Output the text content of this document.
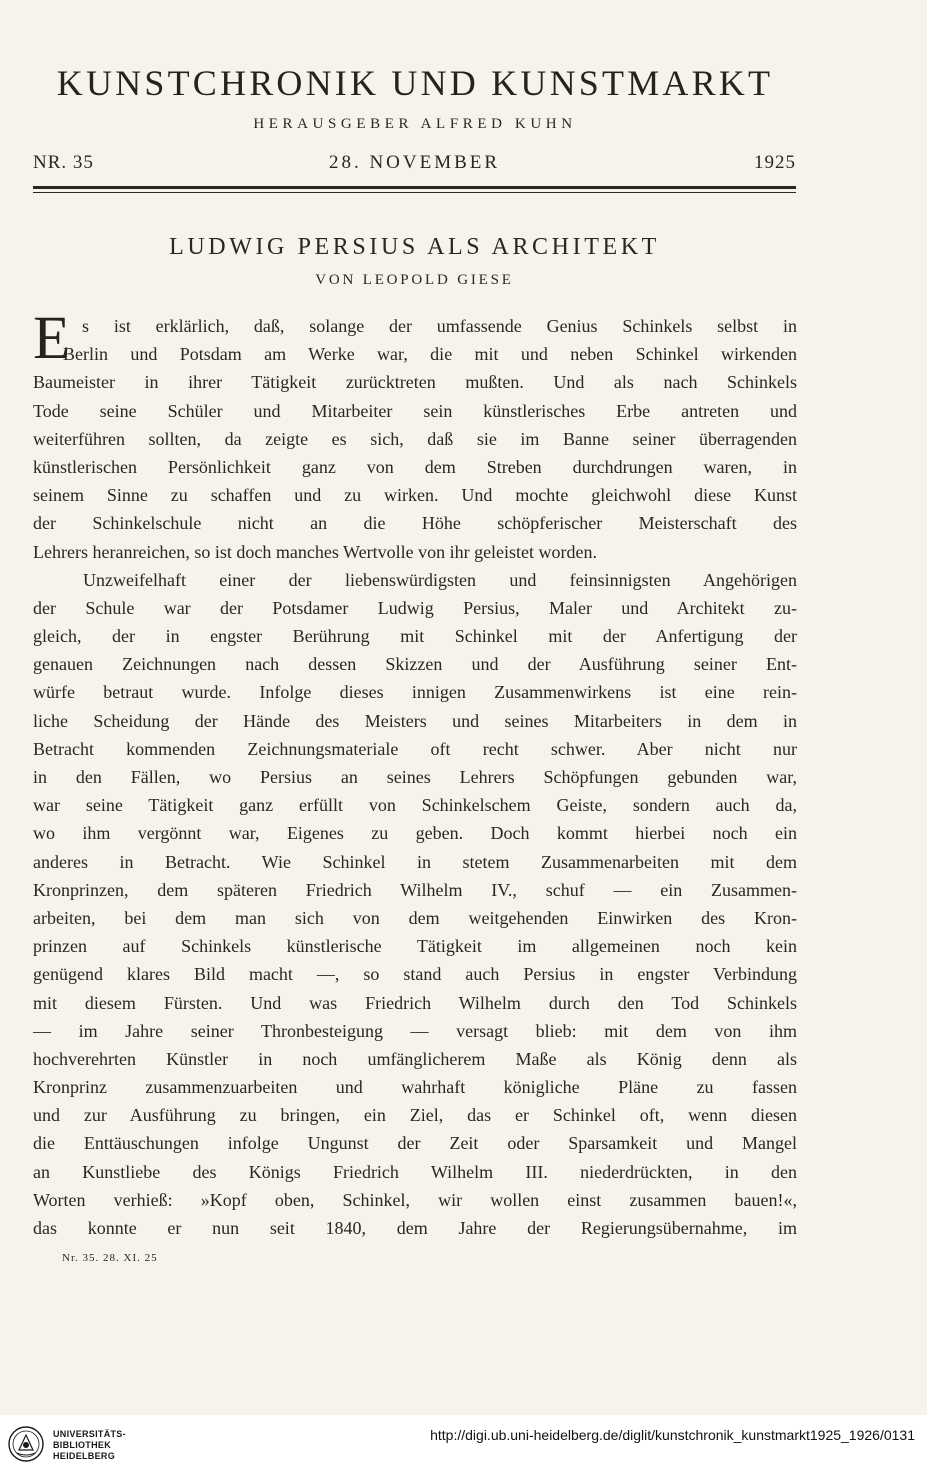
KUNSTCHRONIK UND KUNSTMARKT
HERAUSGEBER ALFRED KUHN
NR. 35	28. NOVEMBER	1925
LUDWIG PERSIUS ALS ARCHITEKT
VON LEOPOLD GIESE
E s ist erklärlich, daß, solange der umfassende Genius Schinkels selbst in
Berlin und Potsdam am Werke war, die mit und neben Schinkel wirkenden
Baumeister in ihrer Tätigkeit zurücktreten mußten. Und als nach Schinkels
Tode seine Schüler und Mitarbeiter sein künstlerisches Erbe antreten und
weiterführen sollten, da zeigte es sich, daß sie im Banne seiner überragenden
künstlerischen Persönlichkeit ganz von dem Streben durchdrungen waren, in
seinem Sinne zu schaffen und zu wirken. Und mochte gleichwohl diese Kunst
der Schinkelschule nicht an die Höhe schöpferischer Meisterschaft des
Lehrers heranreichen, so ist doch manches Wertvolle von ihr geleistet worden.
Unzweifelhaft einer der liebenswürdigsten und feinsinnigsten Angehörigen
der Schule war der Potsdamer Ludwig Persius, Maler und Architekt zu-
gleich, der in engster Berührung mit Schinkel mit der Anfertigung der
genauen Zeichnungen nach dessen Skizzen und der Ausführung seiner Ent-
würfe betraut wurde. Infolge dieses innigen Zusammenwirkens ist eine rein-
liche Scheidung der Hände des Meisters und seines Mitarbeiters in dem in
Betracht kommenden Zeichnungsmateriale oft recht schwer. Aber nicht nur
in den Fällen, wo Persius an seines Lehrers Schöpfungen gebunden war,
war seine Tätigkeit ganz erfüllt von Schinkelschem Geiste, sondern auch da,
wo ihm vergönnt war, Eigenes zu geben. Doch kommt hierbei noch ein
anderes in Betracht. Wie Schinkel in stetem Zusammenarbeiten mit dem
Kronprinzen, dem späteren Friedrich Wilhelm IV., schuf — ein Zusammen-
arbeiten, bei dem man sich von dem weitgehenden Einwirken des Kron-
prinzen auf Schinkels künstlerische Tätigkeit im allgemeinen noch kein
genügend klares Bild macht —, so stand auch Persius in engster Verbindung
mit diesem Fürsten. Und was Friedrich Wilhelm durch den Tod Schinkels
— im Jahre seiner Thronbesteigung — versagt blieb: mit dem von ihm
hochverehrten Künstler in noch umfänglicherem Maße als König denn als
Kronprinz zusammenzuarbeiten und wahrhaft königliche Pläne zu fassen
und zur Ausführung zu bringen, ein Ziel, das er Schinkel oft, wenn diesen
die Enttäuschungen infolge Ungunst der Zeit oder Sparsamkeit und Mangel
an Kunstliebe des Königs Friedrich Wilhelm III. niederdrückten, in den
Worten verhieß: »Kopf oben, Schinkel, wir wollen einst zusammen bauen!«,
das konnte er nun seit 1840, dem Jahre der Regierungsübernahme, im
Nr. 35. 28. XI. 25
UNIVERSITÄTS-
BIBLIOTHEK
HEIDELBERG
http://digi.ub.uni-heidelberg.de/diglit/kunstchronik_kunstmarkt1925_1926/0131
